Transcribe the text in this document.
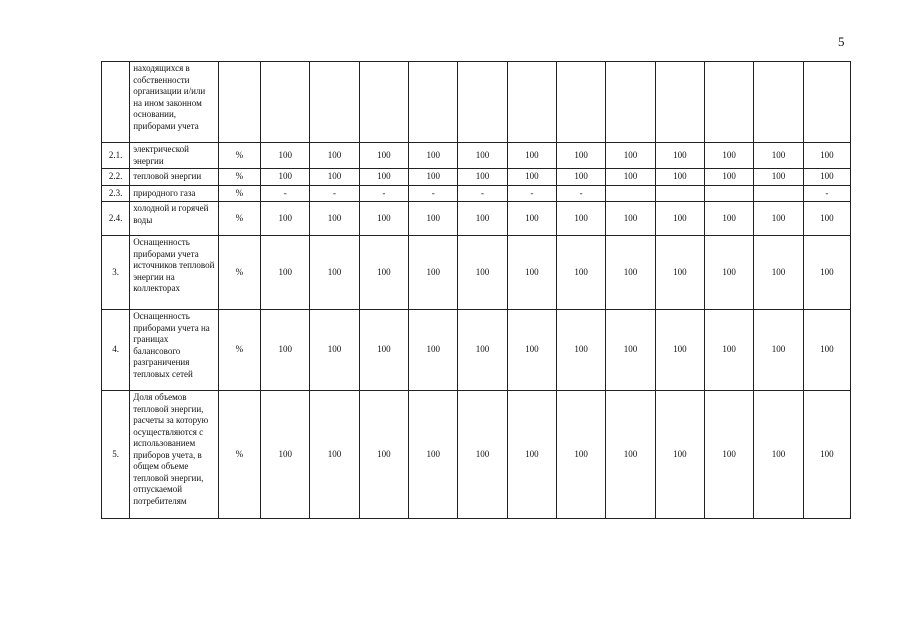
5
	находящихся в собственности организации и/или на ином законном основании, приборами учета													
2.1.	электрической энергии	%	100	100	100	100	100	100	100	100	100	100	100	100
2.2.	тепловой энергии	%	100	100	100	100	100	100	100	100	100	100	100	100
2.3.	природного газа	%	-	-	-	-	-	-	-					-
2.4.	холодной и горячей воды	%	100	100	100	100	100	100	100	100	100	100	100	100
3.	Оснащенность приборами учета источников тепловой энергии на коллекторах	%	100	100	100	100	100	100	100	100	100	100	100	100
4.	Оснащенность приборами учета на границах балансового разграничения тепловых сетей	%	100	100	100	100	100	100	100	100	100	100	100	100
5.	Доля объемов тепловой энергии, расчеты за которую осуществляются с использованием приборов учета, в общем объеме тепловой энергии, отпускаемой потребителям	%	100	100	100	100	100	100	100	100	100	100	100	100
